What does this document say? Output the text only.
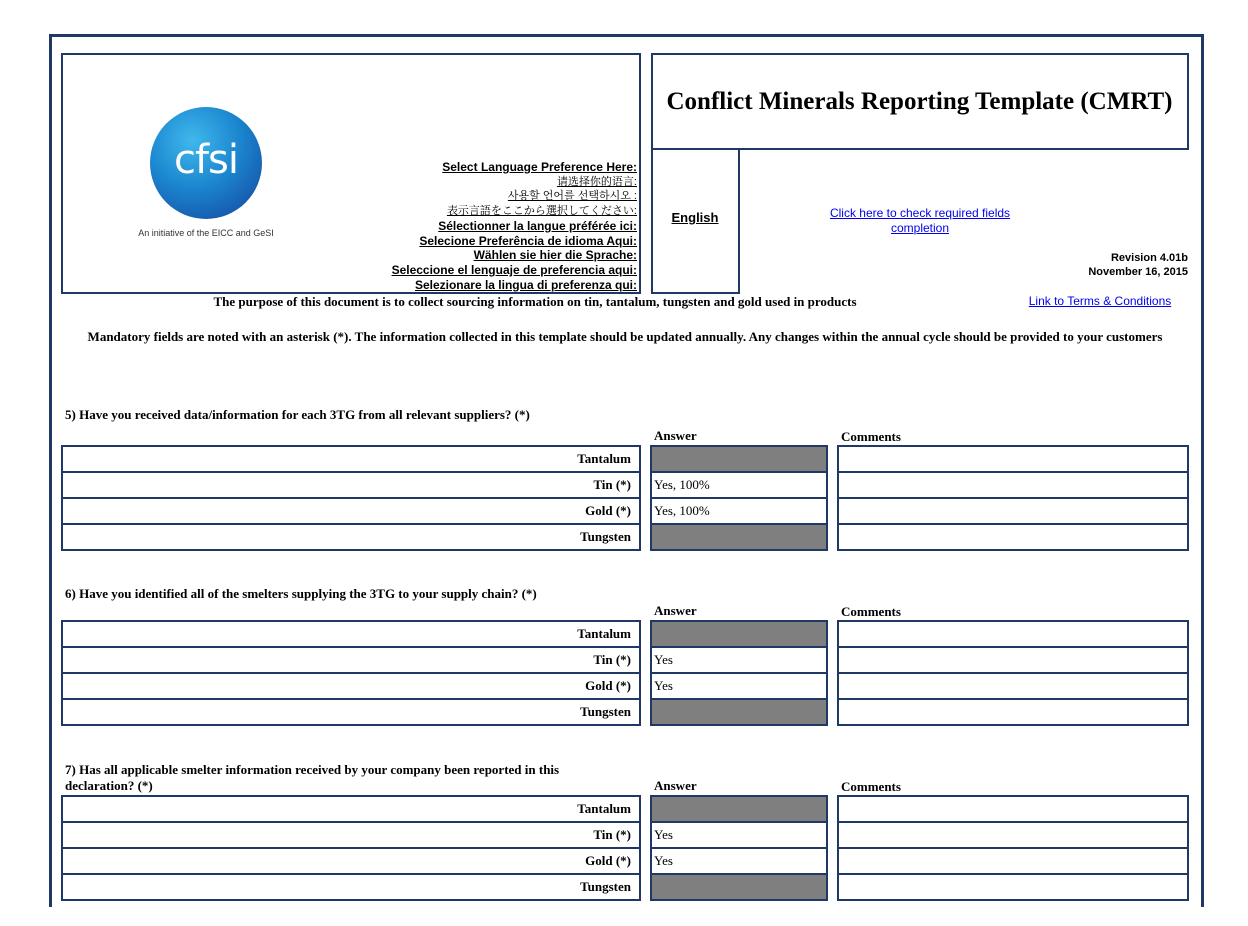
cfsi
An initiative of the EICC and GeSI
Select Language Preference Here:
请选择你的语言:
사용할 언어를 선택하시오 :
表示言語をここから選択してください:
Sélectionner la langue préférée ici:
Selecione Preferência de idioma Aqui:
Wählen sie hier die Sprache:
Seleccione el lenguaje de preferencia aqui:
Selezionare la lingua di preferenza qui:
Conflict Minerals Reporting Template (CMRT)
English	Click here to check required fields completion
Revision 4.01b
November 16, 2015
The purpose of this document is to collect sourcing information on tin, tantalum, tungsten and gold used in products	Link to Terms & Conditions
Mandatory fields are noted with an asterisk (*). The information collected in this template should be updated annually. Any changes within the annual cycle should be provided to your customers
5) Have you received data/information for each 3TG from all relevant suppliers? (*)
Answer	Comments
Tantalum
Tin (*)	Yes, 100%
Gold (*)	Yes, 100%
Tungsten
6) Have you identified all of the smelters supplying the 3TG to your supply chain? (*)
Answer	Comments
Tantalum
Tin (*)	Yes
Gold (*)	Yes
Tungsten
7) Has all applicable smelter information received by your company been reported in this declaration? (*)	Answer	Comments
Tantalum
Tin (*)	Yes
Gold (*)	Yes
Tungsten
